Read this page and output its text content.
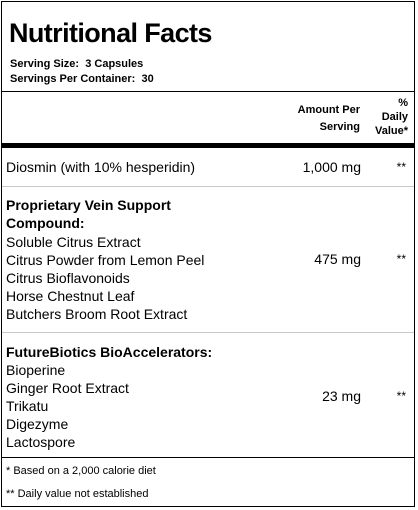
Nutritional Facts
Serving Size: 3 Capsules
Servings Per Container: 30
Amount Per
Serving
%
Daily
Value*
Diosmin (with 10% hesperidin)	1,000 mg	**
Proprietary Vein Support
Compound:
Soluble Citrus Extract
Citrus Powder from Lemon Peel
Citrus Bioflavonoids
Horse Chestnut Leaf
Butchers Broom Root Extract
475 mg	**
FutureBiotics BioAccelerators:
Bioperine
Ginger Root Extract
Trikatu
Digezyme
Lactospore
23 mg	**
* Based on a 2,000 calorie diet
** Daily value not established
